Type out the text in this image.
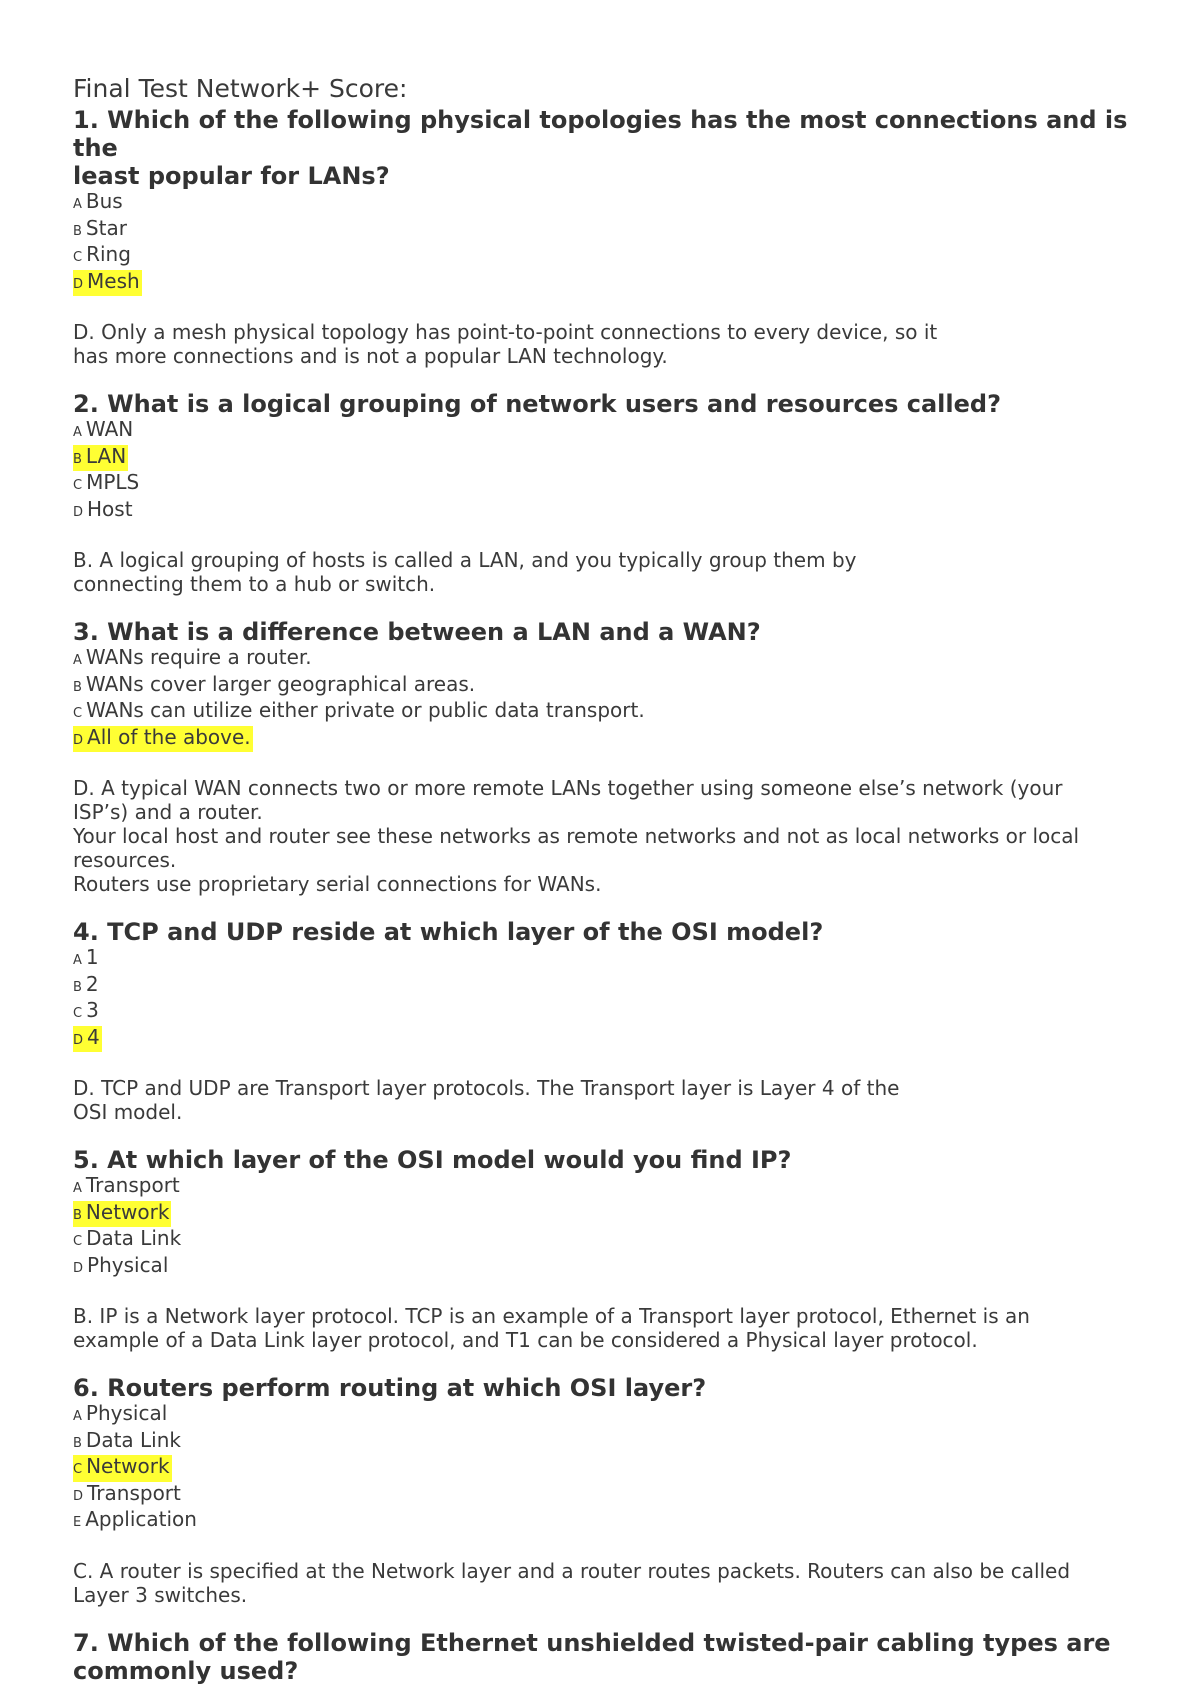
Final Test Network+ Score:
1. Which of the following physical topologies has the most connections and is the
least popular for LANs?
A Bus
B Star
C Ring
D Mesh
D. Only a mesh physical topology has point-to-point connections to every device, so it
has more connections and is not a popular LAN technology.
2. What is a logical grouping of network users and resources called?
A WAN
B LAN
C MPLS
D Host
B. A logical grouping of hosts is called a LAN, and you typically group them by
connecting them to a hub or switch.
3. What is a difference between a LAN and a WAN?
A WANs require a router.
B WANs cover larger geographical areas.
C WANs can utilize either private or public data transport.
D All of the above.
D. A typical WAN connects two or more remote LANs together using someone else’s network (your
ISP’s) and a router.
Your local host and router see these networks as remote networks and not as local networks or local
resources.
Routers use proprietary serial connections for WANs.
4. TCP and UDP reside at which layer of the OSI model?
A 1
B 2
C 3
D 4
D. TCP and UDP are Transport layer protocols. The Transport layer is Layer 4 of the
OSI model.
5. At which layer of the OSI model would you find IP?
A Transport
B Network
C Data Link
D Physical
B. IP is a Network layer protocol. TCP is an example of a Transport layer protocol, Ethernet is an
example of a Data Link layer protocol, and T1 can be considered a Physical layer protocol.
6. Routers perform routing at which OSI layer?
A Physical
B Data Link
C Network
D Transport
E Application
C. A router is specified at the Network layer and a router routes packets. Routers can also be called
Layer 3 switches.
7. Which of the following Ethernet unshielded twisted-pair cabling types are
commonly used?
